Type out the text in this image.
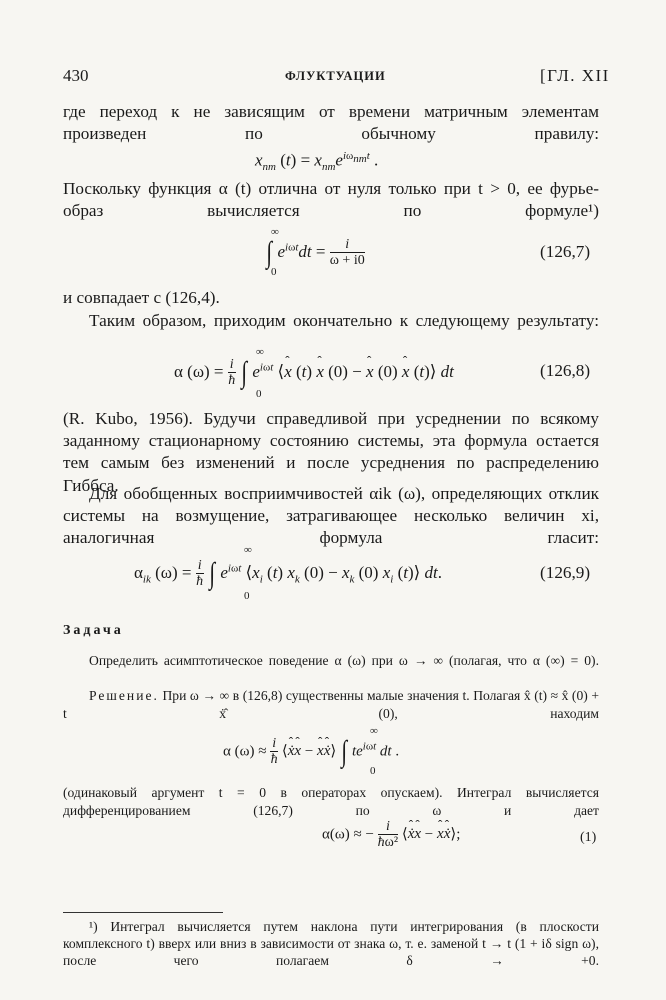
430	ФЛУКТУАЦИИ	[ГЛ. XII
где переход к не зависящим от времени матричным элементам произведен по обычному правилу:
$x_{nm}$ $(t) = x_{nm}e^{i\omega_{nm}t}$ .
Поскольку функция α (t) отлична от нуля только при t > 0, ее фурье-образ вычисляется по формуле¹)
∞
0
∫ $e^{i\omega t}dt = \frac{i}{\omega + i0}$	(126,7)
и совпадает с (126,4).
Таким образом, приходим окончательно к следующему результату:
∞
0
α $(\omega) = \frac{i}{ħ}$ ∫ $e^{i\omega t}$ ⟨ˆ x (t) ˆ x (0) − ˆ x (0) ˆ x (t)⟩ dt	(126,8)
(R. Kubo, 1956). Будучи справедливой при усреднении по всякому заданному стационарному состоянию системы, эта формула остается тем самым без изменений и после усреднения по распределению Гиббса.
Для обобщенных восприимчивостей αik (ω), определяющих отклик системы на возмущение, затрагивающее несколько величин xi, аналогичная формула гласит:
∞
0
$\alpha_{ik}$ $(\omega) = \frac{i}{ħ}$ ∫ $e^{i\omega t}$ $⟨x_i$ (t) $x_k$ $(0) - x_k$ (0) $x_i$ (t)⟩ dt.	(126,9)
Задача
Определить асимптотическое поведение α (ω) при ω → ∞ (полагая, что α (∞) = 0).
Решение. При ω → ∞ в (126,8) существенны малые значения t. Полагая x̂ (t) ≈ x̂ (0) + t ẋ̂ (0), находим
∞
0
α $(\omega) \approx \frac{i}{ħ}$ ⟨ˆ ẋˆ x − ˆ xˆ ẋ⟩ ∫ $te^{i\omega t}$ dt .
(одинаковый аргумент t = 0 в операторах опускаем). Интеграл вычисляется дифференцированием (126,7) по ω и дает
α(ω) ≈ − $\frac{i}{\text{ħω²}}$ ⟨ˆ ẋˆ x − ˆ xˆ ẋ⟩;	(1)
¹) Интеграл вычисляется путем наклона пути интегрирования (в плоскости комплексного t) вверх или вниз в зависимости от знака ω, т. е. заменой t → t (1 + iδ sign ω), после чего полагаем δ → +0.
